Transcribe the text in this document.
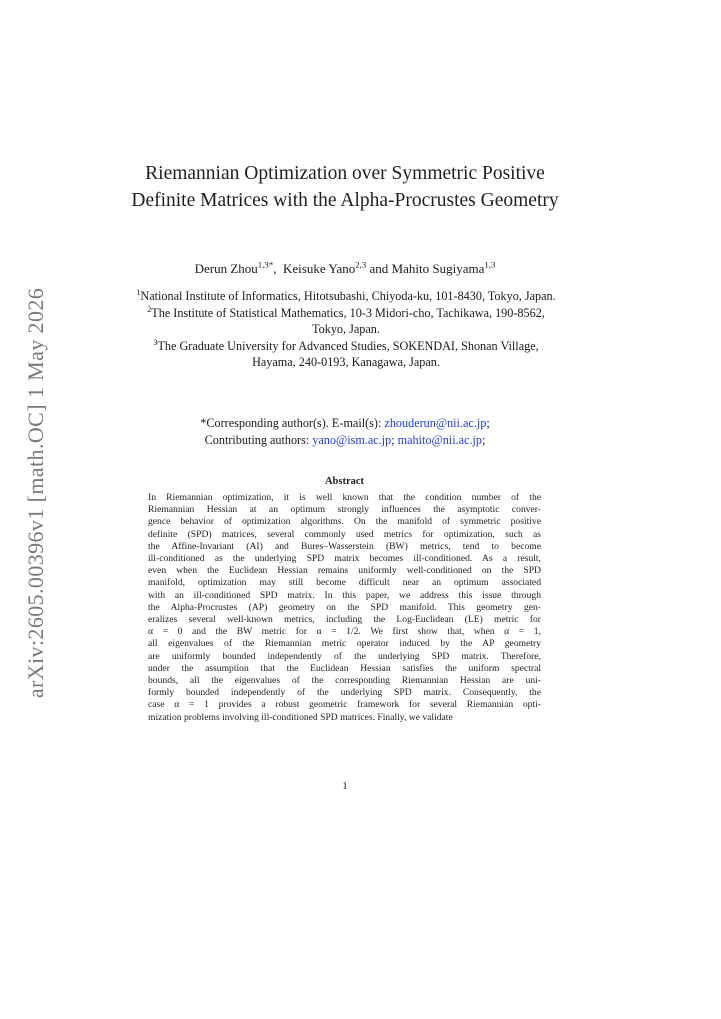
arXiv:2605.00396v1 [math.OC] 1 May 2026
Riemannian Optimization over Symmetric Positive Definite Matrices with the Alpha-Procrustes Geometry
Derun Zhou$^{1,3*}$,  Keisuke Yano$^{2,3}$ and Mahito Sugiyama$^{1,3}$
$^1$National Institute of Informatics, Hitotsubashi, Chiyoda-ku, 101-8430, Tokyo, Japan.
$^2$The Institute of Statistical Mathematics, 10-3 Midori-cho, Tachikawa, 190-8562, Tokyo, Japan.
$^3$The Graduate University for Advanced Studies, SOKENDAI, Shonan Village, Hayama, 240-0193, Kanagawa, Japan.
*Corresponding author(s). E-mail(s): zhouderun@nii.ac.jp;
Contributing authors: yano@ism.ac.jp; mahito@nii.ac.jp;
Abstract
In Riemannian optimization, it is well known that the condition number of the
Riemannian Hessian at an optimum strongly influences the asymptotic conver-
gence behavior of optimization algorithms. On the manifold of symmetric positive
definite (SPD) matrices, several commonly used metrics for optimization, such as
the Affine-Invariant (AI) and Bures–Wasserstein (BW) metrics, tend to become
ill-conditioned as the underlying SPD matrix becomes ill-conditioned. As a result,
even when the Euclidean Hessian remains uniformly well-conditioned on the SPD
manifold, optimization may still become difficult near an optimum associated
with an ill-conditioned SPD matrix. In this paper, we address this issue through
the Alpha-Procrustes (AP) geometry on the SPD manifold. This geometry gen-
eralizes several well-known metrics, including the Log-Euclidean (LE) metric for
α = 0 and the BW metric for α = 1/2. We first show that, when α = 1,
all eigenvalues of the Riemannian metric operator induced by the AP geometry
are uniformly bounded independently of the underlying SPD matrix. Therefore,
under the assumption that the Euclidean Hessian satisfies the uniform spectral
bounds, all the eigenvalues of the corresponding Riemannian Hessian are uni-
formly bounded independently of the underlying SPD matrix. Consequently, the
case α = 1 provides a robust geometric framework for several Riemannian opti-
mization problems involving ill-conditioned SPD matrices. Finally, we validate
1
